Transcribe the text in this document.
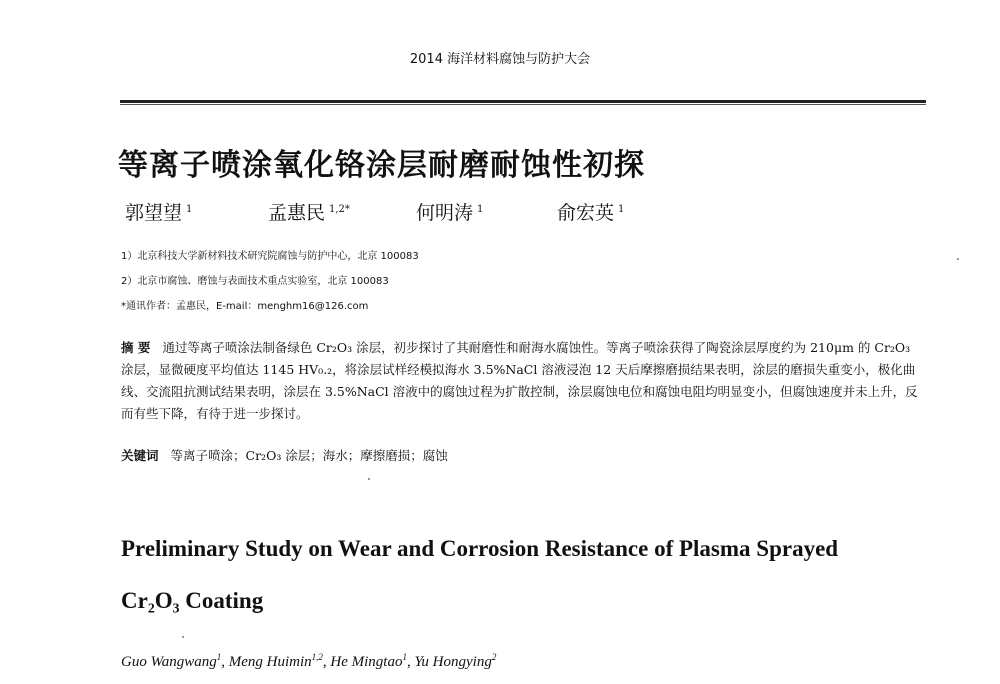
2014 海洋材料腐蚀与防护大会
等离子喷涂氧化铬涂层耐磨耐蚀性初探
郭望望 $^1$	孟惠民 $^{1,2*}$	何明涛 $^1$	俞宏英 $^1$
1）北京科技大学新材料技术研究院腐蚀与防护中心，北京 100083
2）北京市腐蚀、磨蚀与表面技术重点实验室，北京 100083
*通讯作者：孟惠民，E-mail：menghm16@126.com
摘 要 通过等离子喷涂法制备绿色 Cr₂O₃ 涂层，初步探讨了其耐磨性和耐海水腐蚀性。等离子喷涂获得了陶瓷涂层厚度约为 210μm 的 Cr₂O₃ 涂层，显微硬度平均值达 1145 HV₀.₂，将涂层试样经模拟海水 3.5%NaCl 溶液浸泡 12 天后摩擦磨损结果表明，涂层的磨损失重变小，极化曲线、交流阻抗测试结果表明，涂层在 3.5%NaCl 溶液中的腐蚀过程为扩散控制，涂层腐蚀电位和腐蚀电阻均明显变小，但腐蚀速度并未上升，反而有些下降，有待于进一步探讨。
关键词 等离子喷涂；Cr₂O₃ 涂层；海水；摩擦磨损；腐蚀
Preliminary Study on Wear and Corrosion Resistance of Plasma Sprayed
Cr₂O₃ Coating
Guo Wangwang$^1$, Meng Huimin$^{1,2}$, He Mingtao$^1$, Yu Hongying$^2$
